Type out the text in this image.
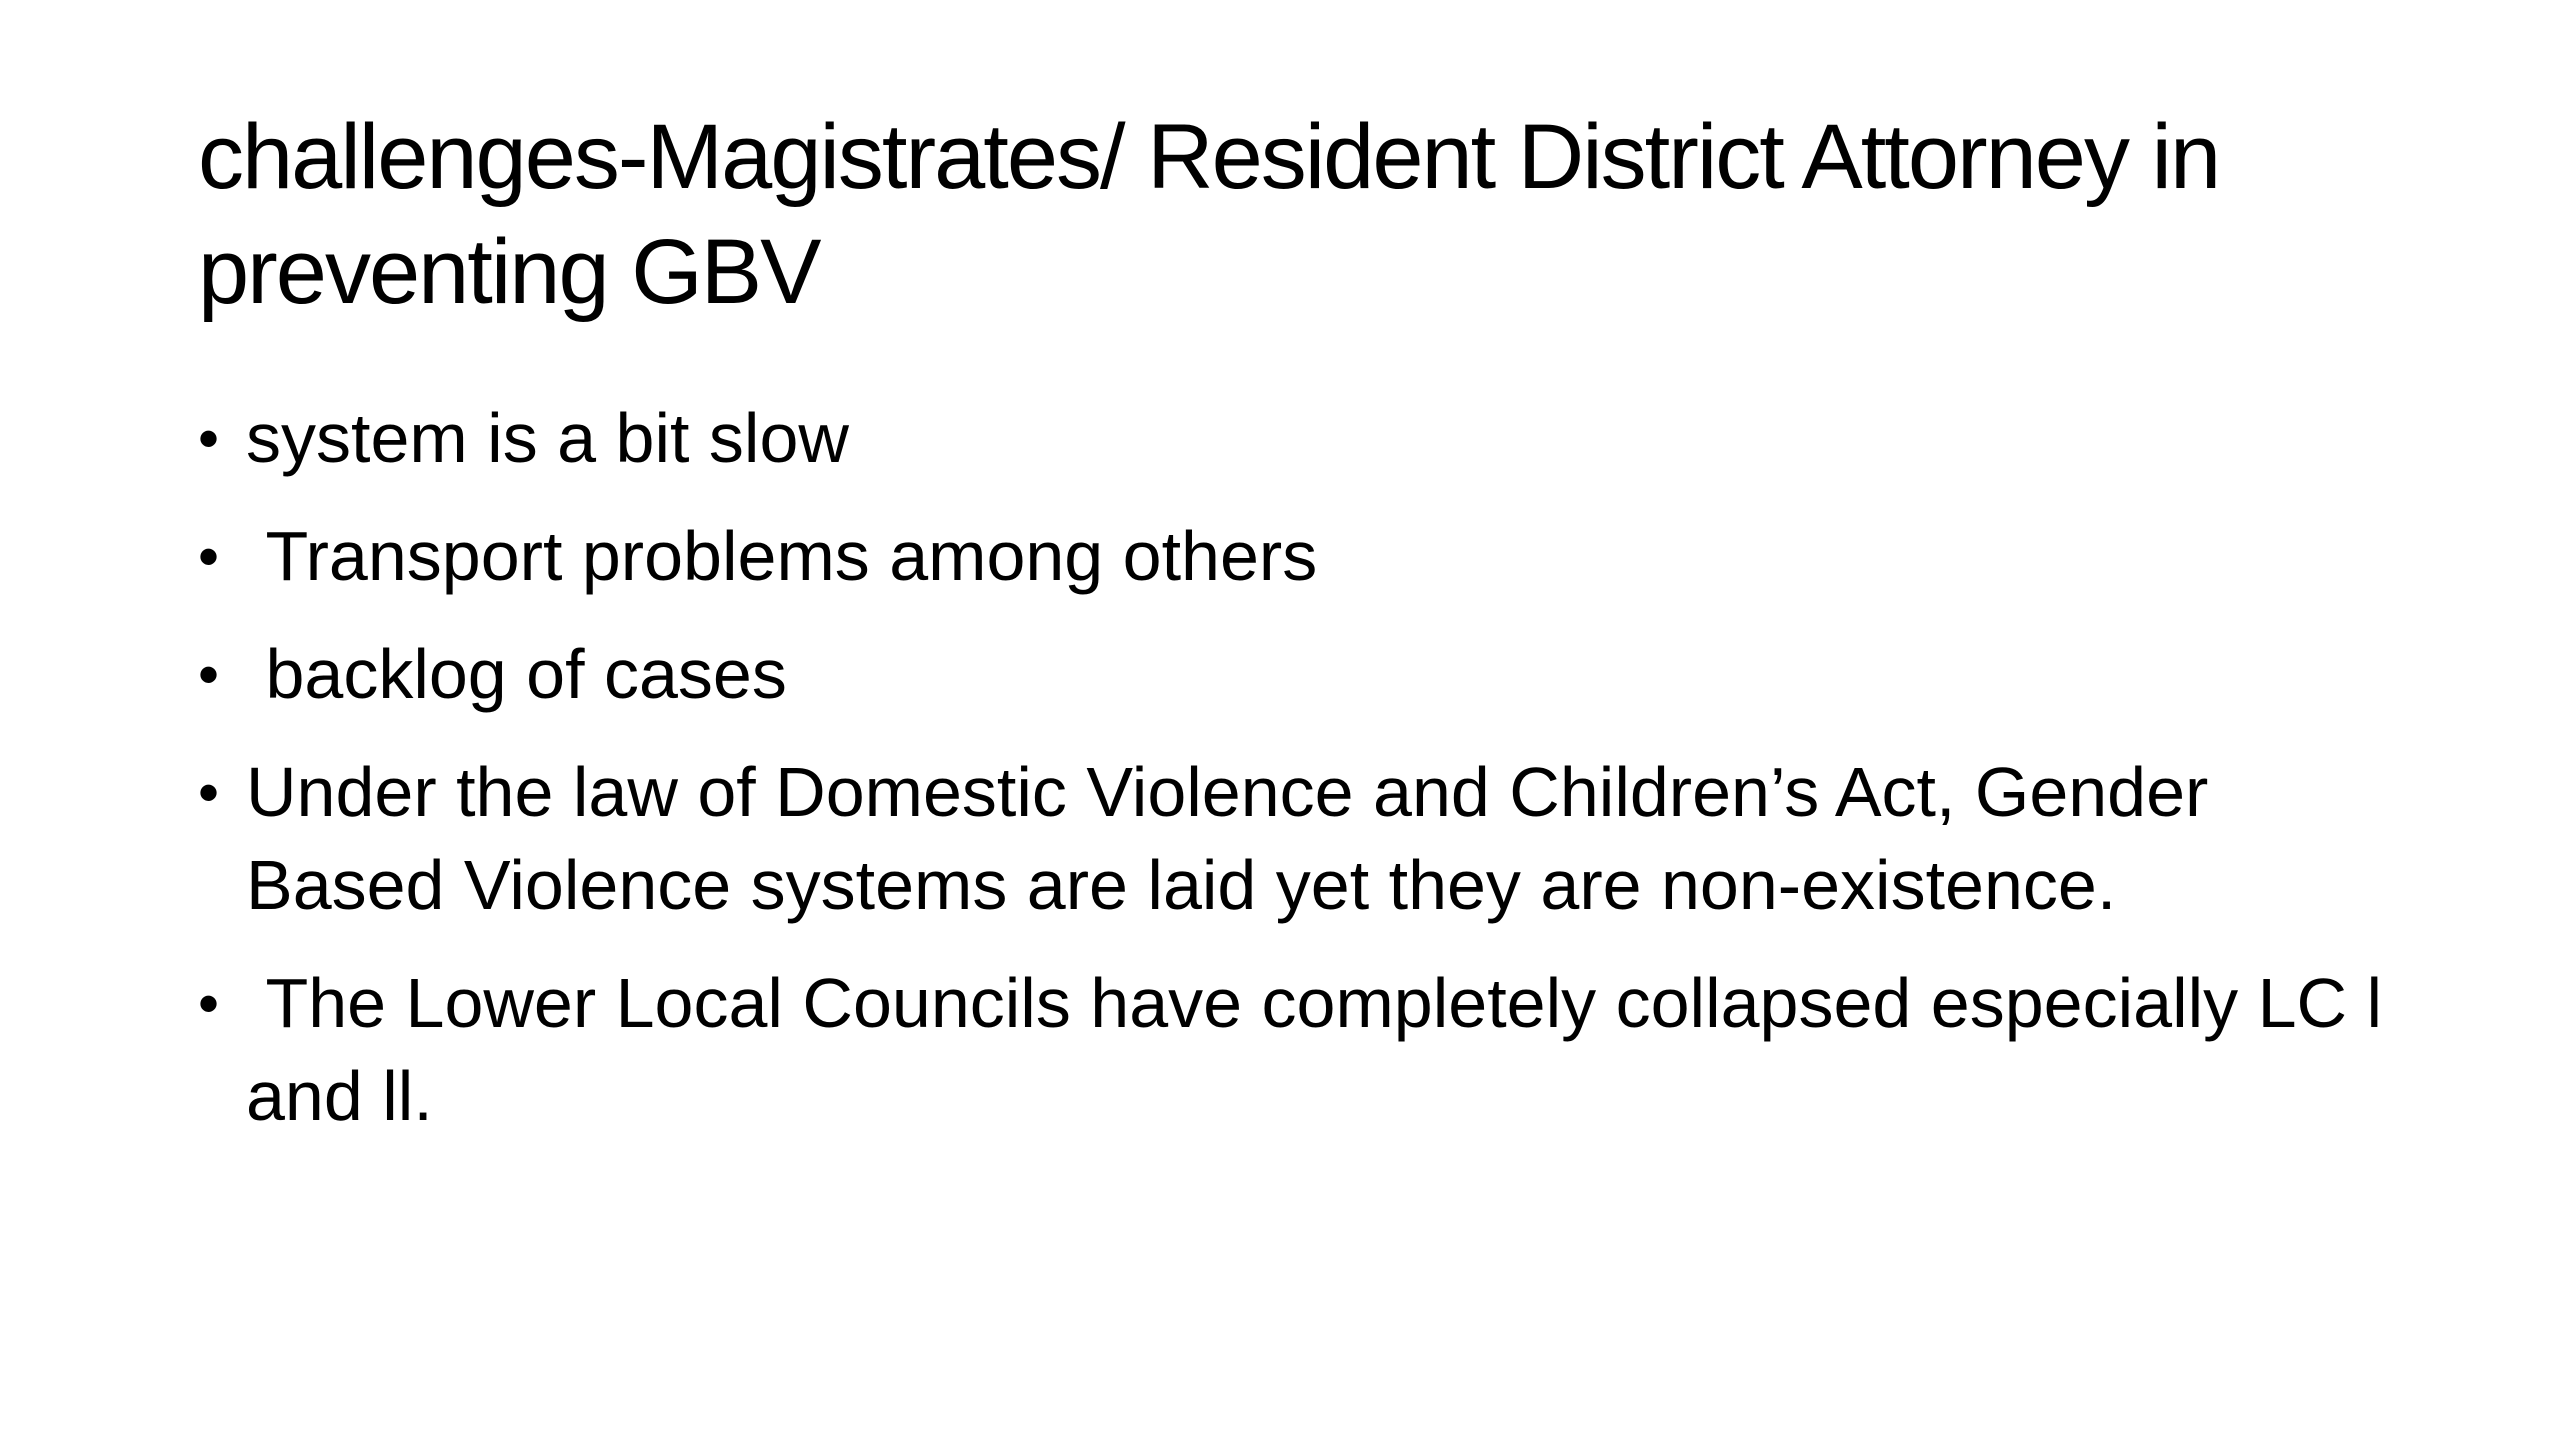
challenges-Magistrates/ Resident District Attorney in preventing GBV
• system is a bit slow
• Transport problems among others
• backlog of cases
• Under the law of Domestic Violence and Children’s Act, Gender Based Violence systems are laid yet they are non-existence.
• The Lower Local Councils have completely collapsed especially LC l and ll.
